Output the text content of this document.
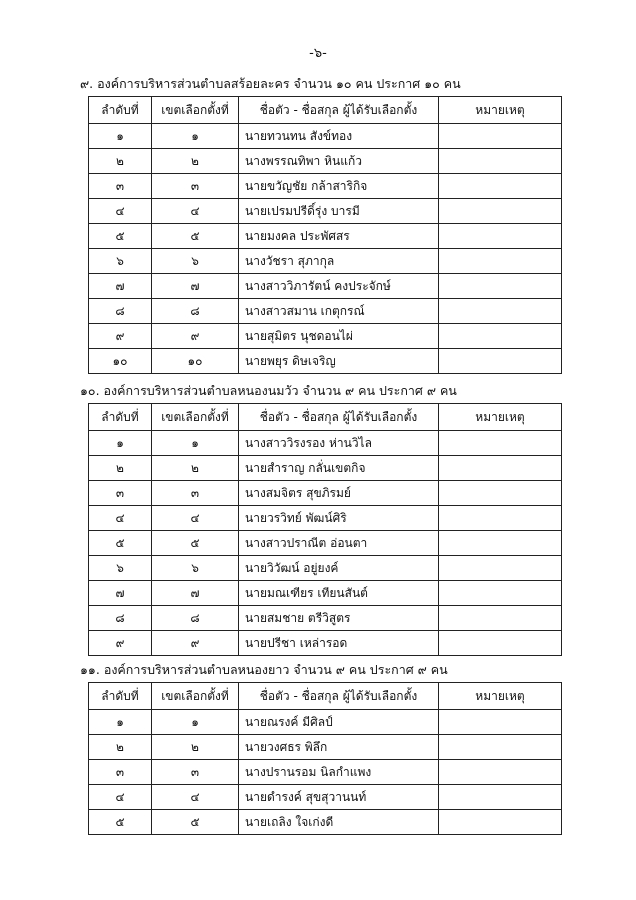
-๖-
๙. องค์การบริหารส่วนตำบลสร้อยละคร จำนวน ๑๐ คน ประกาศ ๑๐ คน
ลำดับที่	เขตเลือกตั้งที่	ชื่อตัว - ชื่อสกุล ผู้ได้รับเลือกตั้ง	หมายเหตุ
๑	๑	นายทวนทน สังข์ทอง	
๒	๒	นางพรรณทิพา หินแก้ว	
๓	๓	นายขวัญชัย กล้าสาริกิจ	
๔	๔	นายเปรมปรีดิ์รุ่ง บารมี	
๕	๕	นายมงคล ประพัศสร	
๖	๖	นางวัชรา สุภากุล	
๗	๗	นางสาววิภารัตน์ คงประจักษ์	
๘	๘	นางสาวสมาน เกตุกรณ์	
๙	๙	นายสุมิตร นุชดอนไผ่	
๑๐	๑๐	นายพยุร ดิษเจริญ	
๑๐. องค์การบริหารส่วนตำบลหนองนมวัว จำนวน ๙ คน ประกาศ ๙ คน
ลำดับที่	เขตเลือกตั้งที่	ชื่อตัว - ชื่อสกุล ผู้ได้รับเลือกตั้ง	หมายเหตุ
๑	๑	นางสาววิรงรอง ห่านวิไล	
๒	๒	นายสำราญ กลั่นเขตกิจ	
๓	๓	นางสมจิตร สุขภิรมย์	
๔	๔	นายวรวิทย์ พัฒน์ศิริ	
๕	๕	นางสาวปราณีต อ่อนตา	
๖	๖	นายวิวัฒน์ อยู่ยงค์	
๗	๗	นายมณเฑียร เทียนสันต์	
๘	๘	นายสมชาย ตรีวิสูตร	
๙	๙	นายปรีชา เหล่ารอด	
๑๑. องค์การบริหารส่วนตำบลหนองยาว จำนวน ๙ คน ประกาศ ๙ คน
ลำดับที่	เขตเลือกตั้งที่	ชื่อตัว - ชื่อสกุล ผู้ได้รับเลือกตั้ง	หมายเหตุ
๑	๑	นายณรงค์ มีศิลป์	
๒	๒	นายวงศธร พิลึก	
๓	๓	นางปรานรอม นิลกำแพง	
๔	๔	นายดำรงค์ สุขสุวานนท์	
๕	๕	นายเถลิง ใจเก่งดี	
